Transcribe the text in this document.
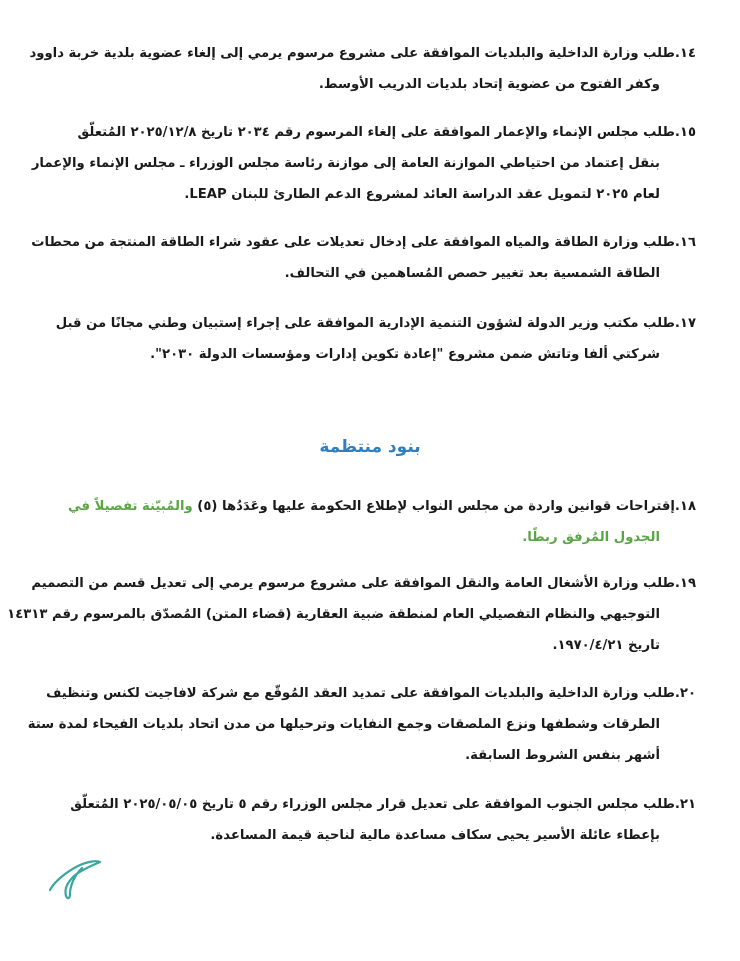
١٤.طلب وزارة الداخلية والبلديات الموافقة على مشروع مرسوم يرمي إلى إلغاء عضوية بلدية خربة داوود
وكفر الفتوح من عضوية إتحاد بلديات الدريب الأوسط.
١٥.طلب مجلس الإنماء والإعمار الموافقة على إلغاء المرسوم رقم ٢٠٣٤ تاريخ ٢٠٢٥/١٢/٨ المُتعلّق
بنقل إعتماد من احتياطي الموازنة العامة إلى موازنة رئاسة مجلس الوزراء ـ مجلس الإنماء والإعمار
لعام ٢٠٢٥ لتمويل عقد الدراسة العائد لمشروع الدعم الطارئ للبنان LEAP.
١٦.طلب وزارة الطاقة والمياه الموافقة على إدخال تعديلات على عقود شراء الطاقة المنتجة من محطات
الطاقة الشمسية بعد تغيير حصص المُساهمين في التحالف.
١٧.طلب مكتب وزير الدولة لشؤون التنمية الإدارية الموافقة على إجراء إستبيان وطني مجانًا من قبل
شركتي ألفا وتاتش ضمن مشروع "إعادة تكوين إدارات ومؤسسات الدولة ٢٠٣٠".
بنود منتظمة
١٨.إقتراحات قوانين واردة من مجلس النواب لإطلاع الحكومة عليها وعَدَدُها (٥) والمُبيّنة تفصيلاً في
الجدول المُرفق ربطًا.
١٩.طلب وزارة الأشغال العامة والنقل الموافقة على مشروع مرسوم يرمي إلى تعديل قسم من التصميم
التوجيهي والنظام التفصيلي العام لمنطقة ضبية العقارية (قضاء المتن) المُصدّق بالمرسوم رقم ١٤٣١٣
تاريخ ١٩٧٠/٤/٢١.
٢٠.طلب وزارة الداخلية والبلديات الموافقة على تمديد العقد المُوقّع مع شركة لافاجيت لكنس وتنظيف
الطرقات وشطفها ونزع الملصقات وجمع النفايات وترحيلها من مدن اتحاد بلديات الفيحاء لمدة ستة
أشهر بنفس الشروط السابقة.
٢١.طلب مجلس الجنوب الموافقة على تعديل قرار مجلس الوزراء رقم ٥ تاريخ ٢٠٢٥/٠٥/٠٥ المُتعلّق
بإعطاء عائلة الأسير يحيى سكاف مساعدة مالية لناحية قيمة المساعدة.
